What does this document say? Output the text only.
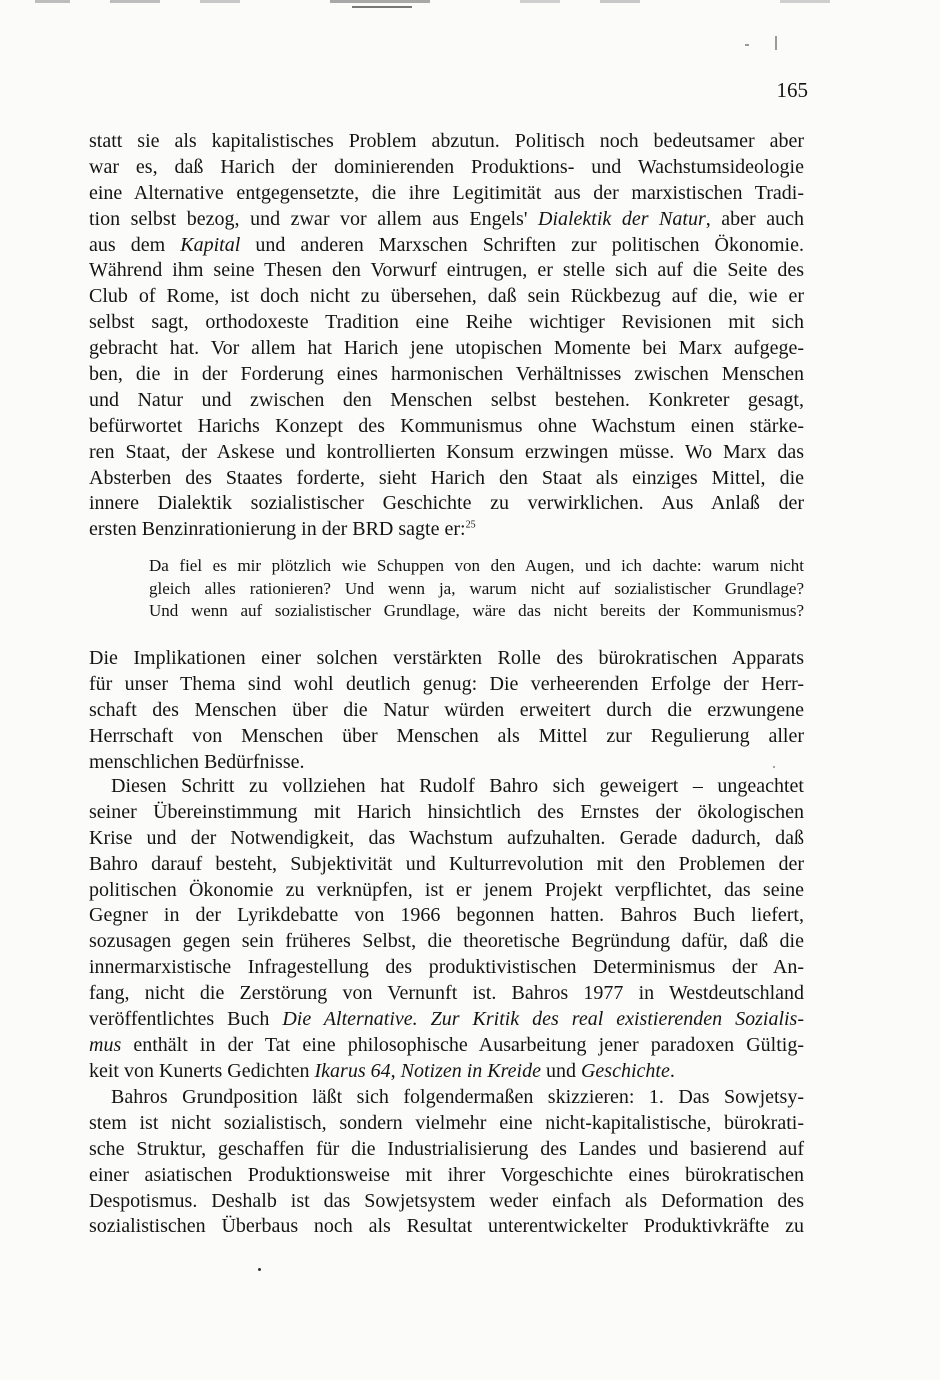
165
statt sie als kapitalistisches Problem abzutun. Politisch noch bedeutsamer aber
war es, daß Harich der dominierenden Produktions- und Wachstumsideologie
eine Alternative entgegensetzte, die ihre Legitimität aus der marxistischen Tradi-
tion selbst bezog, und zwar vor allem aus Engels' Dialektik der Natur, aber auch
aus dem Kapital und anderen Marxschen Schriften zur politischen Ökonomie.
Während ihm seine Thesen den Vorwurf eintrugen, er stelle sich auf die Seite des
Club of Rome, ist doch nicht zu übersehen, daß sein Rückbezug auf die, wie er
selbst sagt, orthodoxeste Tradition eine Reihe wichtiger Revisionen mit sich
gebracht hat. Vor allem hat Harich jene utopischen Momente bei Marx aufgege-
ben, die in der Forderung eines harmonischen Verhältnisses zwischen Menschen
und Natur und zwischen den Menschen selbst bestehen. Konkreter gesagt,
befürwortet Harichs Konzept des Kommunismus ohne Wachstum einen stärke-
ren Staat, der Askese und kontrollierten Konsum erzwingen müsse. Wo Marx das
Absterben des Staates forderte, sieht Harich den Staat als einziges Mittel, die
innere Dialektik sozialistischer Geschichte zu verwirklichen. Aus Anlaß der
ersten Benzinrationierung in der BRD sagte er:$^{25}$
Da fiel es mir plötzlich wie Schuppen von den Augen, und ich dachte: warum nicht
gleich alles rationieren? Und wenn ja, warum nicht auf sozialistischer Grundlage?
Und wenn auf sozialistischer Grundlage, wäre das nicht bereits der Kommunismus?
Die Implikationen einer solchen verstärkten Rolle des bürokratischen Apparats
für unser Thema sind wohl deutlich genug: Die verheerenden Erfolge der Herr-
schaft des Menschen über die Natur würden erweitert durch die erzwungene
Herrschaft von Menschen über Menschen als Mittel zur Regulierung aller
menschlichen Bedürfnisse.
Diesen Schritt zu vollziehen hat Rudolf Bahro sich geweigert – ungeachtet
seiner Übereinstimmung mit Harich hinsichtlich des Ernstes der ökologischen
Krise und der Notwendigkeit, das Wachstum aufzuhalten. Gerade dadurch, daß
Bahro darauf besteht, Subjektivität und Kulturrevolution mit den Problemen der
politischen Ökonomie zu verknüpfen, ist er jenem Projekt verpflichtet, das seine
Gegner in der Lyrikdebatte von 1966 begonnen hatten. Bahros Buch liefert,
sozusagen gegen sein früheres Selbst, die theoretische Begründung dafür, daß die
innermarxistische Infragestellung des produktivistischen Determinismus der An-
fang, nicht die Zerstörung von Vernunft ist. Bahros 1977 in Westdeutschland
veröffentlichtes Buch Die Alternative. Zur Kritik des real existierenden Sozialis-
mus enthält in der Tat eine philosophische Ausarbeitung jener paradoxen Gültig-
keit von Kunerts Gedichten Ikarus 64, Notizen in Kreide und Geschichte.
Bahros Grundposition läßt sich folgendermaßen skizzieren: 1. Das Sowjetsy-
stem ist nicht sozialistisch, sondern vielmehr eine nicht-kapitalistische, bürokrati-
sche Struktur, geschaffen für die Industrialisierung des Landes und basierend auf
einer asiatischen Produktionsweise mit ihrer Vorgeschichte eines bürokratischen
Despotismus. Deshalb ist das Sowjetsystem weder einfach als Deformation des
sozialistischen Überbaus noch als Resultat unterentwickelter Produktivkräfte zu
